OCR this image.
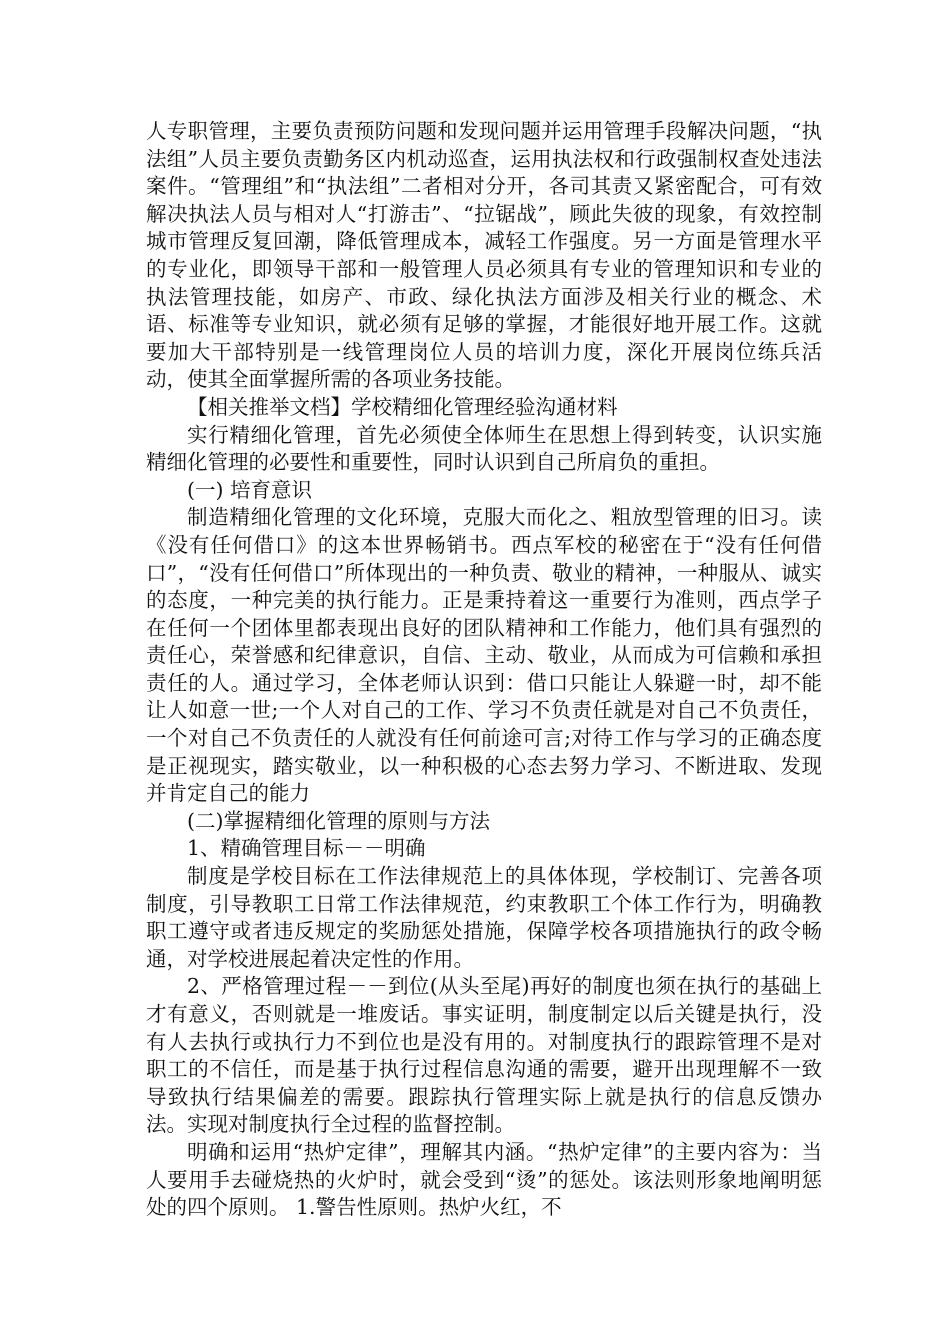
人专职管理，主要负责预防问题和发现问题并运用管理手段解决问题，“执法组”人员主要负责勤务区内机动巡查，运用执法权和行政强制权查处违法案件。“管理组”和“执法组”二者相对分开，各司其责又紧密配合，可有效解决执法人员与相对人“打游击”、“拉锯战”，顾此失彼的现象，有效控制城市管理反复回潮，降低管理成本，减轻工作强度。另一方面是管理水平的专业化，即领导干部和一般管理人员必须具有专业的管理知识和专业的执法管理技能，如房产、市政、绿化执法方面涉及相关行业的概念、术语、标准等专业知识，就必须有足够的掌握，才能很好地开展工作。这就要加大干部特别是一线管理岗位人员的培训力度，深化开展岗位练兵活动，使其全面掌握所需的各项业务技能。

【相关推举文档】学校精细化管理经验沟通材料

实行精细化管理，首先必须使全体师生在思想上得到转变，认识实施精细化管理的必要性和重要性，同时认识到自己所肩负的重担。

(一) 培育意识

制造精细化管理的文化环境，克服大而化之、粗放型管理的旧习。读《没有任何借口》的这本世界畅销书。西点军校的秘密在于“没有任何借口”，“没有任何借口”所体现出的一种负责、敬业的精神，一种服从、诚实的态度，一种完美的执行能力。正是秉持着这一重要行为准则，西点学子在任何一个团体里都表现出良好的团队精神和工作能力，他们具有强烈的责任心，荣誉感和纪律意识，自信、主动、敬业，从而成为可信赖和承担责任的人。通过学习，全体老师认识到：借口只能让人躲避一时，却不能让人如意一世;一个人对自己的工作、学习不负责任就是对自己不负责任，一个对自己不负责任的人就没有任何前途可言;对待工作与学习的正确态度是正视现实，踏实敬业，以一种积极的心态去努力学习、不断进取、发现并肯定自己的能力

(二)掌握精细化管理的原则与方法

1、精确管理目标－－明确

制度是学校目标在工作法律规范上的具体体现，学校制订、完善各项制度，引导教职工日常工作法律规范，约束教职工个体工作行为，明确教职工遵守或者违反规定的奖励惩处措施，保障学校各项措施执行的政令畅通，对学校进展起着决定性的作用。

2、严格管理过程－－到位(从头至尾)再好的制度也须在执行的基础上才有意义，否则就是一堆废话。事实证明，制度制定以后关键是执行，没有人去执行或执行力不到位也是没有用的。对制度执行的跟踪管理不是对职工的不信任，而是基于执行过程信息沟通的需要，避开出现理解不一致导致执行结果偏差的需要。跟踪执行管理实际上就是执行的信息反馈办法。实现对制度执行全过程的监督控制。

明确和运用“热炉定律”，理解其内涵。“热炉定律”的主要内容为：当人要用手去碰烧热的火炉时，就会受到“烫”的惩处。该法则形象地阐明惩处的四个原则。 1.警告性原则。热炉火红，不
